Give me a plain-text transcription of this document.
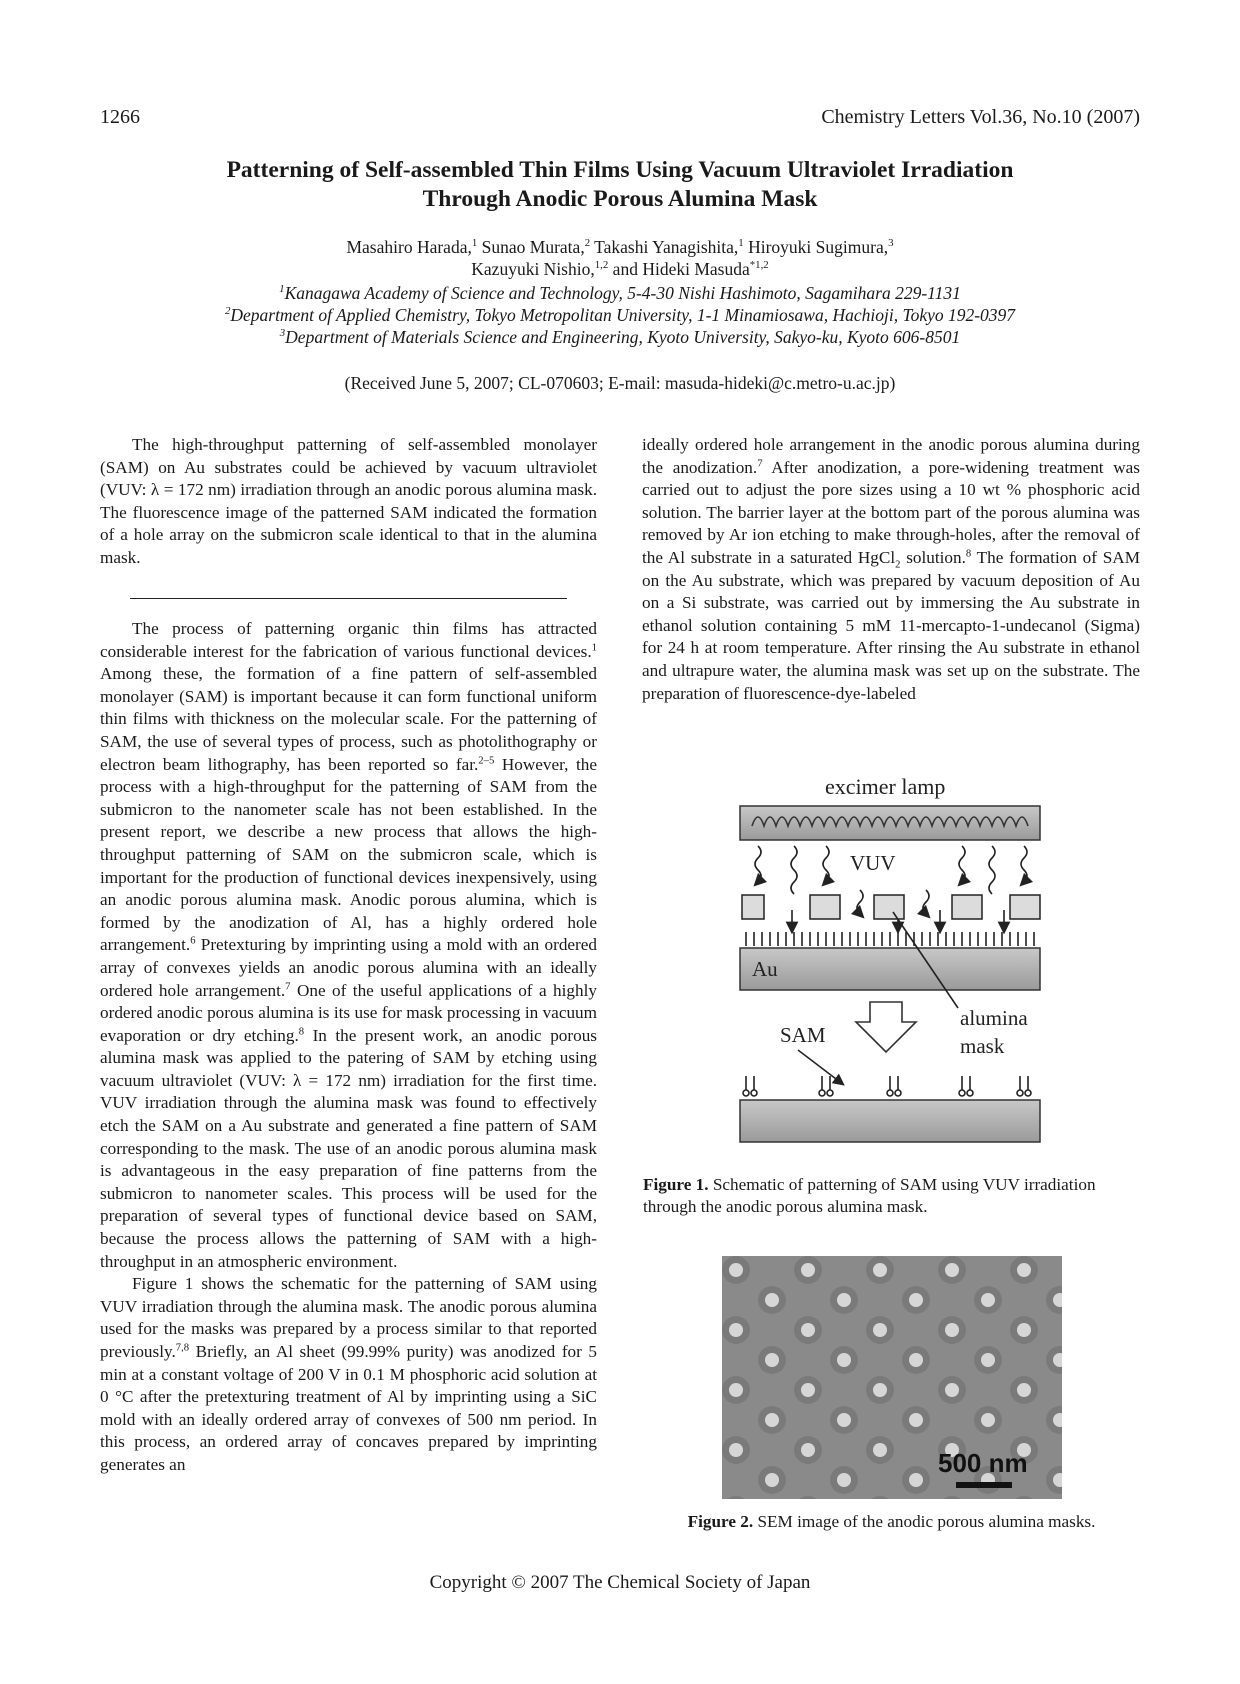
1266	Chemistry Letters Vol.36, No.10 (2007)
Patterning of Self-assembled Thin Films Using Vacuum Ultraviolet Irradiation
Through Anodic Porous Alumina Mask
Masahiro Harada,$^1$ Sunao Murata,$^2$ Takashi Yanagishita,$^1$ Hiroyuki Sugimura,$^3$
Kazuyuki Nishio,$^{1,2}$ and Hideki Masuda$^{*1,2}$
$^1$Kanagawa Academy of Science and Technology, 5-4-30 Nishi Hashimoto, Sagamihara 229-1131
$^2$Department of Applied Chemistry, Tokyo Metropolitan University, 1-1 Minamiosawa, Hachioji, Tokyo 192-0397
$^3$Department of Materials Science and Engineering, Kyoto University, Sakyo-ku, Kyoto 606-8501
(Received June 5, 2007; CL-070603; E-mail: masuda-hideki@c.metro-u.ac.jp)

The high-throughput patterning of self-assembled monolayer (SAM) on Au substrates could be achieved by vacuum ultraviolet (VUV: λ = 172 nm) irradiation through an anodic porous alumina mask. The fluorescence image of the patterned SAM indicated the formation of a hole array on the submicron scale identical to that in the alumina mask.

The process of patterning organic thin films has attracted considerable interest for the fabrication of various functional devices.$^1$ Among these, the formation of a fine pattern of self-assembled monolayer (SAM) is important because it can form functional uniform thin films with thickness on the molecular scale. For the patterning of SAM, the use of several types of process, such as photolithography or electron beam lithography, has been reported so far.$^{2-5}$ However, the process with a high-throughput for the patterning of SAM from the submicron to the nanometer scale has not been established. In the present report, we describe a new process that allows the high-throughput patterning of SAM on the submicron scale, which is important for the production of functional devices inexpensively, using an anodic porous alumina mask. Anodic porous alumina, which is formed by the anodization of Al, has a highly ordered hole arrangement.$^6$ Pretexturing by imprinting using a mold with an ordered array of convexes yields an anodic porous alumina with an ideally ordered hole arrangement.$^7$ One of the useful applications of a highly ordered anodic porous alumina is its use for mask processing in vacuum evaporation or dry etching.$^8$ In the present work, an anodic porous alumina mask was applied to the patering of SAM by etching using vacuum ultraviolet (VUV: λ = 172 nm) irradiation for the first time. VUV irradiation through the alumina mask was found to effectively etch the SAM on a Au substrate and generated a fine pattern of SAM corresponding to the mask. The use of an anodic porous alumina mask is advantageous in the easy preparation of fine patterns from the submicron to nanometer scales. This process will be used for the preparation of several types of functional device based on SAM, because the process allows the patterning of SAM with a high-throughput in an atmospheric environment.

Figure 1 shows the schematic for the patterning of SAM using VUV irradiation through the alumina mask. The anodic porous alumina used for the masks was prepared by a process similar to that reported previously.$^{7,8}$ Briefly, an Al sheet (99.99% purity) was anodized for 5 min at a constant voltage of 200 V in 0.1 M phosphoric acid solution at 0 °C after the pretexturing treatment of Al by imprinting using a SiC mold with an ideally ordered array of convexes of 500 nm period. In this process, an ordered array of concaves prepared by imprinting generates an

ideally ordered hole arrangement in the anodic porous alumina during the anodization.$^7$ After anodization, a pore-widening treatment was carried out to adjust the pore sizes using a 10 wt % phosphoric acid solution. The barrier layer at the bottom part of the porous alumina was removed by Ar ion etching to make through-holes, after the removal of the Al substrate in a saturated HgCl$_2$ solution.$^8$ The formation of SAM on the Au substrate, which was prepared by vacuum deposition of Au on a Si substrate, was carried out by immersing the Au substrate in ethanol solution containing 5 mM 11-mercapto-1-undecanol (Sigma) for 24 h at room temperature. After rinsing the Au substrate in ethanol and ultrapure water, the alumina mask was set up on the substrate. The preparation of fluorescence-dye-labeled

excimer lamp
VUV
Au
alumina
mask
SAM
Figure 1. Schematic of patterning of SAM using VUV irradiation through the anodic porous alumina mask.
500 nm
Figure 2. SEM image of the anodic porous alumina masks.
Copyright © 2007 The Chemical Society of Japan
